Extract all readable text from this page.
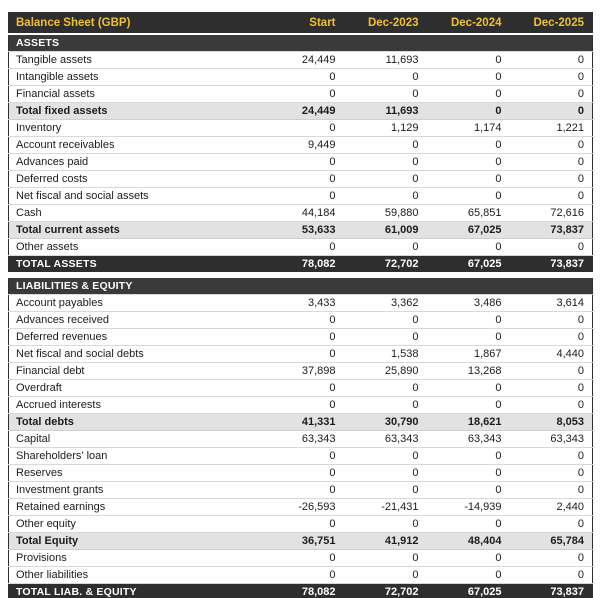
Balance Sheet (GBP)	Start	Dec-2023	Dec-2024	Dec-2025
ASSETS				
Tangible assets	24,449	11,693	0	0
Intangible assets	0	0	0	0
Financial assets	0	0	0	0
Total fixed assets	24,449	11,693	0	0
Inventory	0	1,129	1,174	1,221
Account receivables	9,449	0	0	0
Advances paid	0	0	0	0
Deferred costs	0	0	0	0
Net fiscal and social assets	0	0	0	0
Cash	44,184	59,880	65,851	72,616
Total current assets	53,633	61,009	67,025	73,837
Other assets	0	0	0	0
TOTAL ASSETS	78,082	72,702	67,025	73,837
LIABILITIES & EQUITY				
Account payables	3,433	3,362	3,486	3,614
Advances received	0	0	0	0
Deferred revenues	0	0	0	0
Net fiscal and social debts	0	1,538	1,867	4,440
Financial debt	37,898	25,890	13,268	0
Overdraft	0	0	0	0
Accrued interests	0	0	0	0
Total debts	41,331	30,790	18,621	8,053
Capital	63,343	63,343	63,343	63,343
Shareholders' loan	0	0	0	0
Reserves	0	0	0	0
Investment grants	0	0	0	0
Retained earnings	-26,593	-21,431	-14,939	2,440
Other equity	0	0	0	0
Total Equity	36,751	41,912	48,404	65,784
Provisions	0	0	0	0
Other liabilities	0	0	0	0
TOTAL LIAB. & EQUITY	78,082	72,702	67,025	73,837
